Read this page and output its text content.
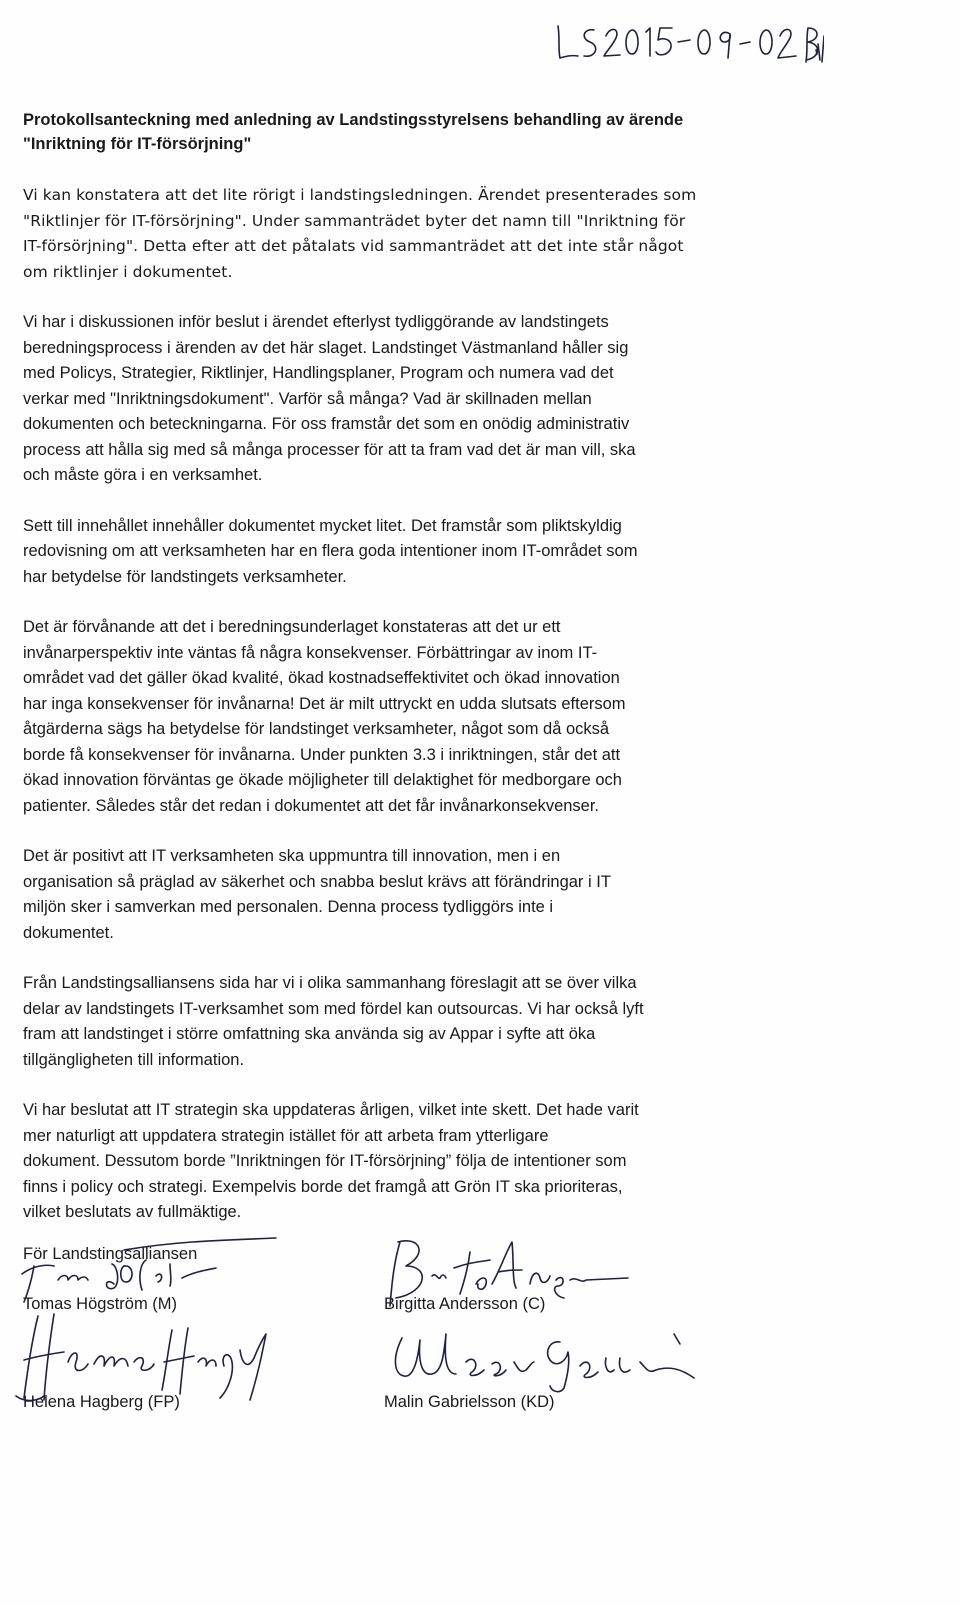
Protokollsanteckning med anledning av Landstingsstyrelsens behandling av ärende
"Inriktning för IT-försörjning"
Vi kan konstatera att det lite rörigt i landstingsledningen. Ärendet presenterades som
"Riktlinjer för IT-försörjning". Under sammanträdet byter det namn till "Inriktning för
IT-försörjning". Detta efter att det påtalats vid sammanträdet att det inte står något
om riktlinjer i dokumentet.
Vi har i diskussionen inför beslut i ärendet efterlyst tydliggörande av landstingets
beredningsprocess i ärenden av det här slaget. Landstinget Västmanland håller sig
med Policys, Strategier, Riktlinjer, Handlingsplaner, Program och numera vad det
verkar med "Inriktningsdokument". Varför så många? Vad är skillnaden mellan
dokumenten och beteckningarna. För oss framstår det som en onödig administrativ
process att hålla sig med så många processer för att ta fram vad det är man vill, ska
och måste göra i en verksamhet.
Sett till innehållet innehåller dokumentet mycket litet. Det framstår som pliktskyldig
redovisning om att verksamheten har en flera goda intentioner inom IT-området som
har betydelse för landstingets verksamheter.
Det är förvånande att det i beredningsunderlaget konstateras att det ur ett
invånarperspektiv inte väntas få några konsekvenser. Förbättringar av inom IT-
området vad det gäller ökad kvalité, ökad kostnadseffektivitet och ökad innovation
har inga konsekvenser för invånarna! Det är milt uttryckt en udda slutsats eftersom
åtgärderna sägs ha betydelse för landstinget verksamheter, något som då också
borde få konsekvenser för invånarna. Under punkten 3.3 i inriktningen, står det att
ökad innovation förväntas ge ökade möjligheter till delaktighet för medborgare och
patienter. Således står det redan i dokumentet att det får invånarkonsekvenser.
Det är positivt att IT verksamheten ska uppmuntra till innovation, men i en
organisation så präglad av säkerhet och snabba beslut krävs att förändringar i IT
miljön sker i samverkan med personalen. Denna process tydliggörs inte i
dokumentet.
Från Landstingsalliansens sida har vi i olika sammanhang föreslagit att se över vilka
delar av landstingets IT-verksamhet som med fördel kan outsourcas. Vi har också lyft
fram att landstinget i större omfattning ska använda sig av Appar i syfte att öka
tillgängligheten till information.
Vi har beslutat att IT strategin ska uppdateras årligen, vilket inte skett. Det hade varit
mer naturligt att uppdatera strategin istället för att arbeta fram ytterligare
dokument. Dessutom borde ”Inriktningen för IT-försörjning” följa de intentioner som
finns i policy och strategi. Exempelvis borde det framgå att Grön IT ska prioriteras,
vilket beslutats av fullmäktige.
För Landstingsalliansen
Tomas Högström (M)	Birgitta Andersson (C)
Helena Hagberg (FP)	Malin Gabrielsson (KD)
